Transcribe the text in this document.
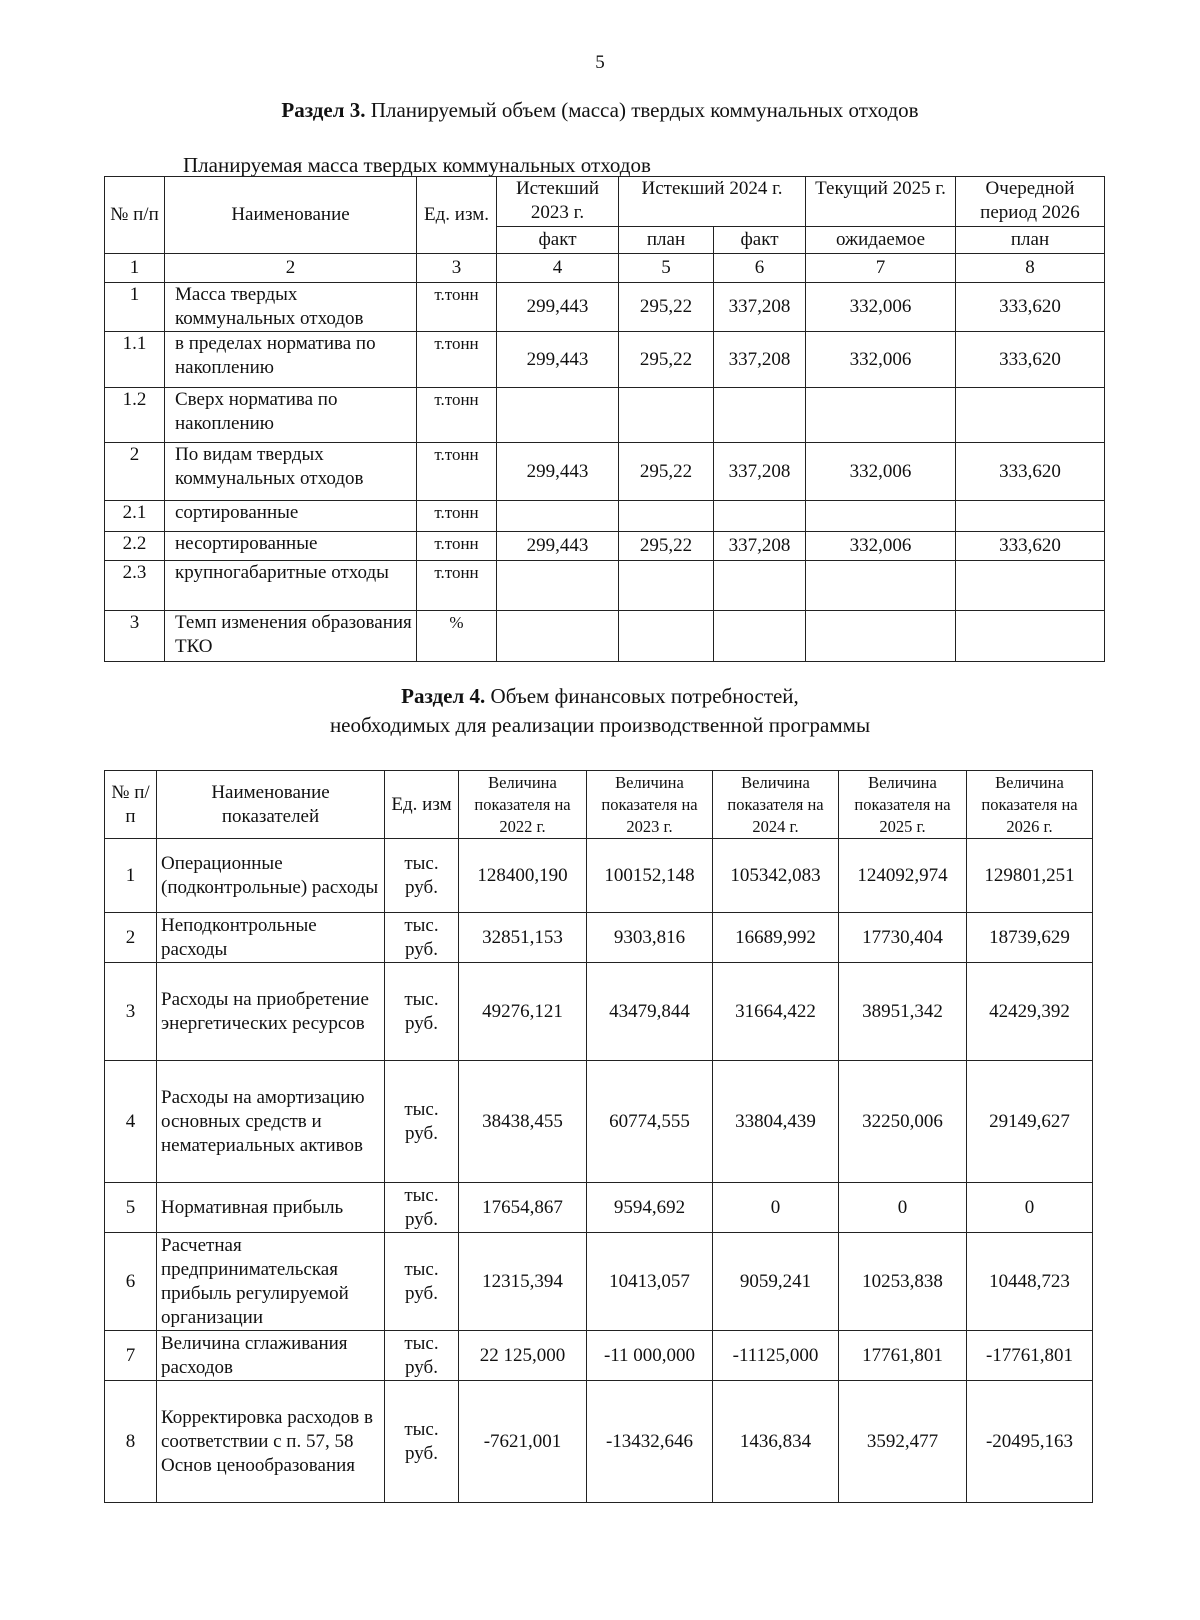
5
Раздел 3. Планируемый объем (масса) твердых коммунальных отходов
Планируемая масса твердых коммунальных отходов
№ п/п	Наименование	Ед. изм.	Истекший 2023 г.	Истекший 2024 г.		Текущий 2025 г.	Очередной период 2026
			факт	план	факт	ожидаемое	план
1	2	3	4	5	6	7	8
1	Масса твердых коммунальных отходов	т.тонн	299,443	295,22	337,208	332,006	333,620
1.1	в пределах норматива по накоплению	т.тонн	299,443	295,22	337,208	332,006	333,620
1.2	Сверх норматива по накоплению	т.тонн					
2	По видам твердых коммунальных отходов	т.тонн	299,443	295,22	337,208	332,006	333,620
2.1	сортированные	т.тонн					
2.2	несортированные	т.тонн	299,443	295,22	337,208	332,006	333,620
2.3	крупногабаритные отходы	т.тонн					
3	Темп изменения образования ТКО	%					
Раздел 4. Объем финансовых потребностей,
необходимых для реализации производственной программы
№ п/п	Наименование показателей	Ед. изм	Величина показателя на 2022 г.	Величина показателя на 2023 г.	Величина показателя на 2024 г.	Величина показателя на 2025 г.	Величина показателя на 2026 г.
1	Операционные (подконтрольные) расходы	тыс. руб.	128400,190	100152,148	105342,083	124092,974	129801,251
2	Неподконтрольные расходы	тыс. руб.	32851,153	9303,816	16689,992	17730,404	18739,629
3	Расходы на приобретение энергетических ресурсов	тыс. руб.	49276,121	43479,844	31664,422	38951,342	42429,392
4	Расходы на амортизацию основных средств и нематериальных активов	тыс. руб.	38438,455	60774,555	33804,439	32250,006	29149,627
5	Нормативная прибыль	тыс. руб.	17654,867	9594,692	0	0	0
6	Расчетная предпринимательская прибыль регулируемой организации	тыс. руб.	12315,394	10413,057	9059,241	10253,838	10448,723
7	Величина сглаживания расходов	тыс. руб.	22 125,000	-11 000,000	-11125,000	17761,801	-17761,801
8	Корректировка расходов в соответствии с п. 57, 58 Основ ценообразования	тыс. руб.	-7621,001	-13432,646	1436,834	3592,477	-20495,163
